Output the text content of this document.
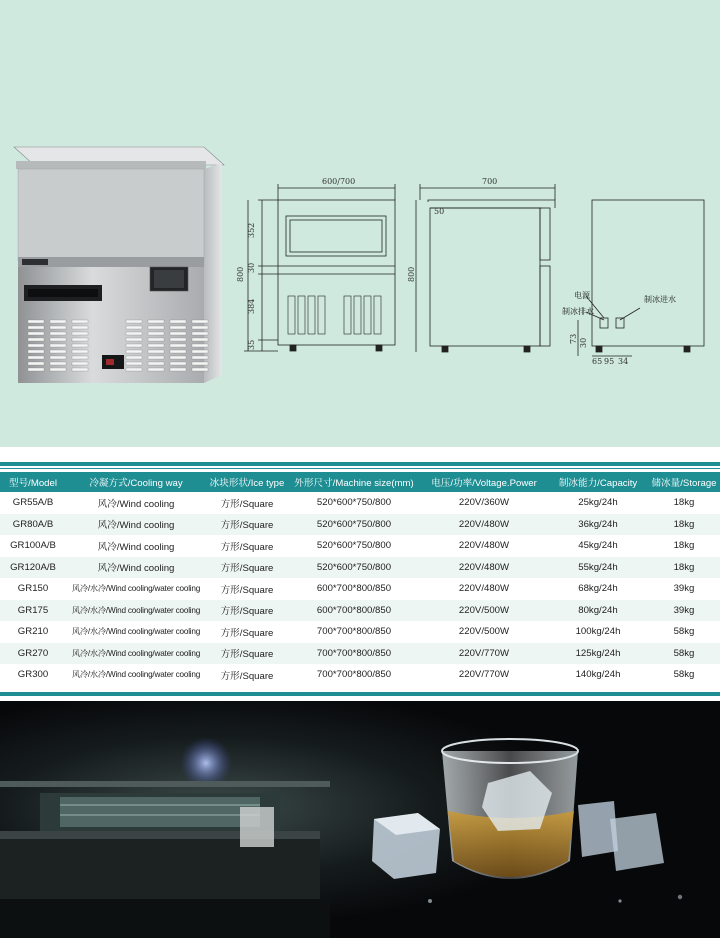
600/700
352
30
384
35
800
700
50
800
电源
制冰排水
制冰进水
73 30
65 95 34
型号/Model	冷凝方式/Cooling way	冰块形状/Ice type	外形尺寸/Machine size(mm)	电压/功率/Voltage.Power	制冰能力/Capacity	储冰量/Storage
GR55A/B	风冷/Wind cooling	方形/Square	520*600*750/800	220V/360W	25kg/24h	18kg
GR80A/B	风冷/Wind cooling	方形/Square	520*600*750/800	220V/480W	36kg/24h	18kg
GR100A/B	风冷/Wind cooling	方形/Square	520*600*750/800	220V/480W	45kg/24h	18kg
GR120A/B	风冷/Wind cooling	方形/Square	520*600*750/800	220V/480W	55kg/24h	18kg
GR150	风冷/水冷/Wind cooling/water cooling	方形/Square	600*700*800/850	220V/480W	68kg/24h	39kg
GR175	风冷/水冷/Wind cooling/water cooling	方形/Square	600*700*800/850	220V/500W	80kg/24h	39kg
GR210	风冷/水冷/Wind cooling/water cooling	方形/Square	700*700*800/850	220V/500W	100kg/24h	58kg
GR270	风冷/水冷/Wind cooling/water cooling	方形/Square	700*700*800/850	220V/770W	125kg/24h	58kg
GR300	风冷/水冷/Wind cooling/water cooling	方形/Square	700*700*800/850	220V/770W	140kg/24h	58kg
